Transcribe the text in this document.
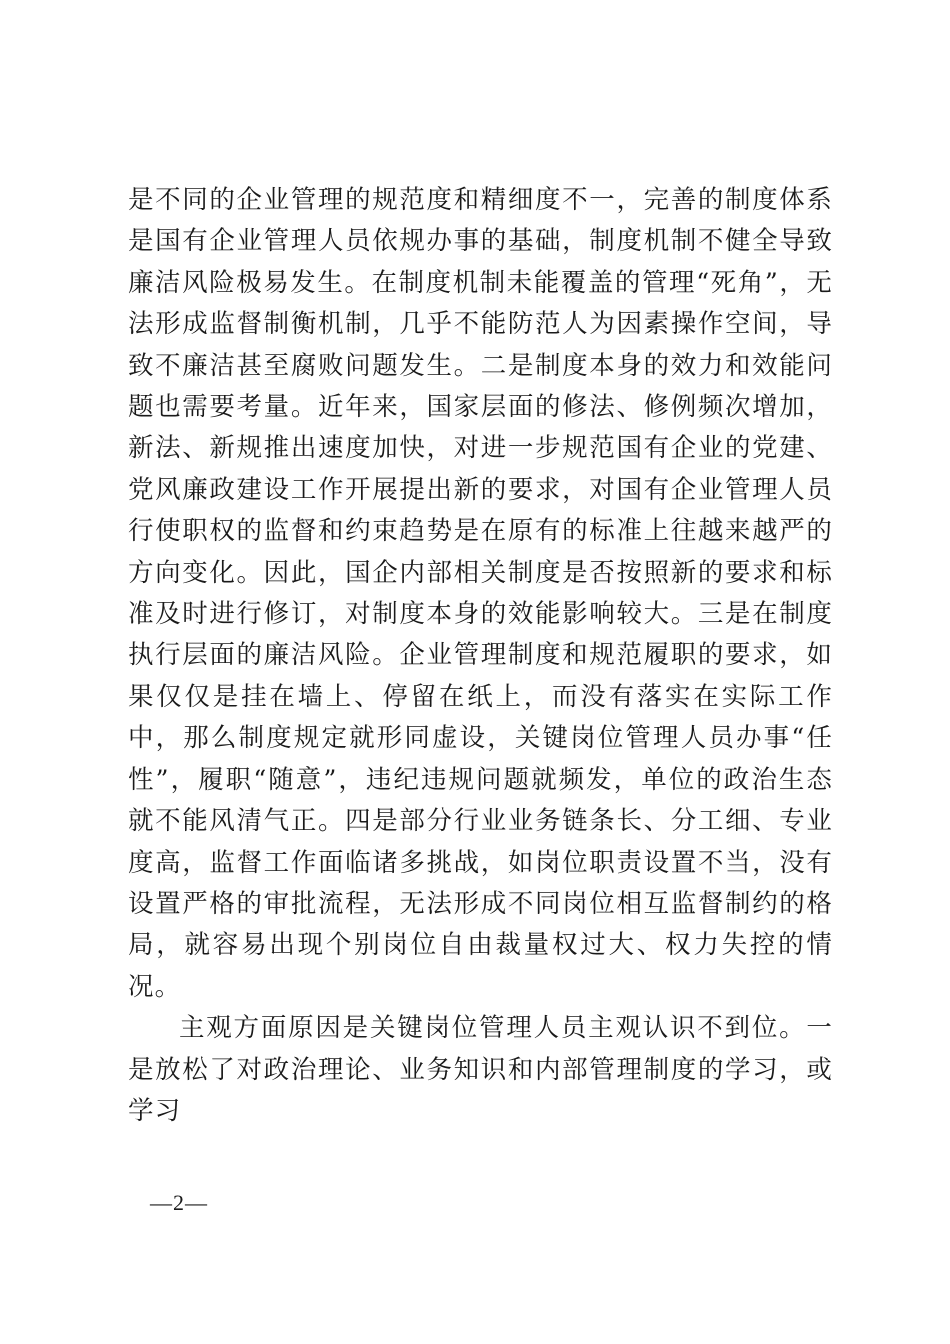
是不同的企业管理的规范度和精细度不一，完善的制度体系是国有企业管理人员依规办事的基础，制度机制不健全导致廉洁风险极易发生。在制度机制未能覆盖的管理“死角”，无法形成监督制衡机制，几乎不能防范人为因素操作空间，导致不廉洁甚至腐败问题发生。二是制度本身的效力和效能问题也需要考量。近年来，国家层面的修法、修例频次增加，新法、新规推出速度加快，对进一步规范国有企业的党建、党风廉政建设工作开展提出新的要求，对国有企业管理人员行使职权的监督和约束趋势是在原有的标准上往越来越严的方向变化。因此，国企内部相关制度是否按照新的要求和标准及时进行修订，对制度本身的效能影响较大。三是在制度执行层面的廉洁风险。企业管理制度和规范履职的要求，如果仅仅是挂在墙上、停留在纸上，而没有落实在实际工作中，那么制度规定就形同虚设，关键岗位管理人员办事“任性”，履职“随意”，违纪违规问题就频发，单位的政治生态就不能风清气正。四是部分行业业务链条长、分工细、专业度高，监督工作面临诸多挑战，如岗位职责设置不当，没有设置严格的审批流程，无法形成不同岗位相互监督制约的格局，就容易出现个别岗位自由裁量权过大、权力失控的情况。

主观方面原因是关键岗位管理人员主观认识不到位。一是放松了对政治理论、业务知识和内部管理制度的学习，或学习

—2—
